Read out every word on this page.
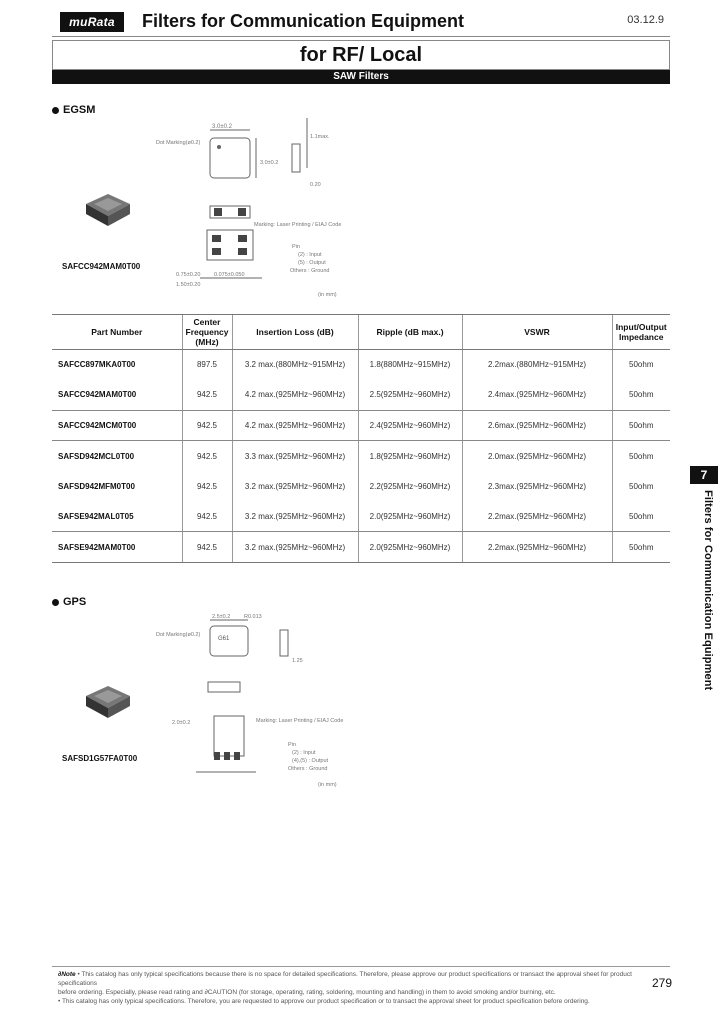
muRata	Filters for Communication Equipment	03.12.9
for RF/ Local
SAW Filters
EGSM
SAFCC942MAM0T00
3.0±0.2
Dot Marking(ø0.2)
3.0±0.2
1.1max.
0.20
Marking: Laser Printing / EIAJ Code
Pin
(2) : Input
(5) : Output
Others : Ground
0.75±0.20
1.50±0.20
0.075±0.050
(in mm)
Part Number	Center Frequency (MHz)	Insertion Loss (dB)	Ripple (dB max.)	VSWR	Input/Output Impedance
SAFCC897MKA0T00	897.5	3.2 max.(880MHz~915MHz)	1.8(880MHz~915MHz)	2.2max.(880MHz~915MHz)	50ohm
SAFCC942MAM0T00	942.5	4.2 max.(925MHz~960MHz)	2.5(925MHz~960MHz)	2.4max.(925MHz~960MHz)	50ohm
SAFCC942MCM0T00	942.5	4.2 max.(925MHz~960MHz)	2.4(925MHz~960MHz)	2.6max.(925MHz~960MHz)	50ohm
SAFSD942MCL0T00	942.5	3.3 max.(925MHz~960MHz)	1.8(925MHz~960MHz)	2.0max.(925MHz~960MHz)	50ohm
SAFSD942MFM0T00	942.5	3.2 max.(925MHz~960MHz)	2.2(925MHz~960MHz)	2.3max.(925MHz~960MHz)	50ohm
SAFSE942MAL0T05	942.5	3.2 max.(925MHz~960MHz)	2.0(925MHz~960MHz)	2.2max.(925MHz~960MHz)	50ohm
SAFSE942MAM0T00	942.5	3.2 max.(925MHz~960MHz)	2.0(925MHz~960MHz)	2.2max.(925MHz~960MHz)	50ohm
GPS
SAFSD1G57FA0T00
2.5±0.2 R0.013
Dot Marking(ø0.2)
G61
1.25
2.0±0.2	Marking: Laser Printing / EIAJ Code
Pin
(2) : Input
(4),(5) : Output
Others : Ground
(in mm)
7
Filters for Communication Equipment
∂Note • This catalog has only typical specifications because there is no space for detailed specifications. Therefore, please approve our product specifications or transact the approval sheet for product specifications
before ordering. Especially, please read rating and ∂CAUTION (for storage, operating, rating, soldering, mounting and handling) in them to avoid smoking and/or burning, etc.
• This catalog has only typical specifications. Therefore, you are requested to approve our product specification or to transact the approval sheet for product specification before ordering.
279
